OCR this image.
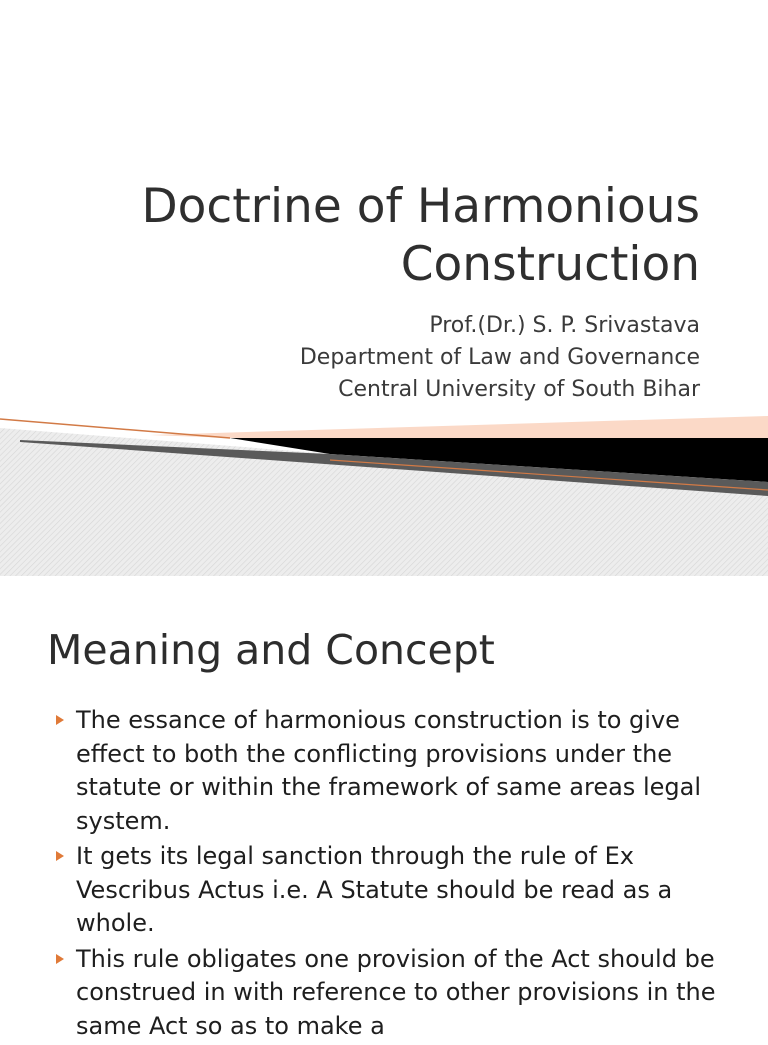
Doctrine of Harmonious
Construction
Prof.(Dr.) S. P. Srivastava
Department of Law and Governance
Central University of South Bihar
Meaning and Concept
The essance of harmonious construction is to give effect to both the conflicting provisions under the statute or within the framework of same areas legal system.
It gets its legal sanction through the rule of Ex Vescribus Actus i.e. A Statute should be read as a whole.
This rule obligates one provision of the Act should be construed in with reference to other provisions in the same Act so as to make a
